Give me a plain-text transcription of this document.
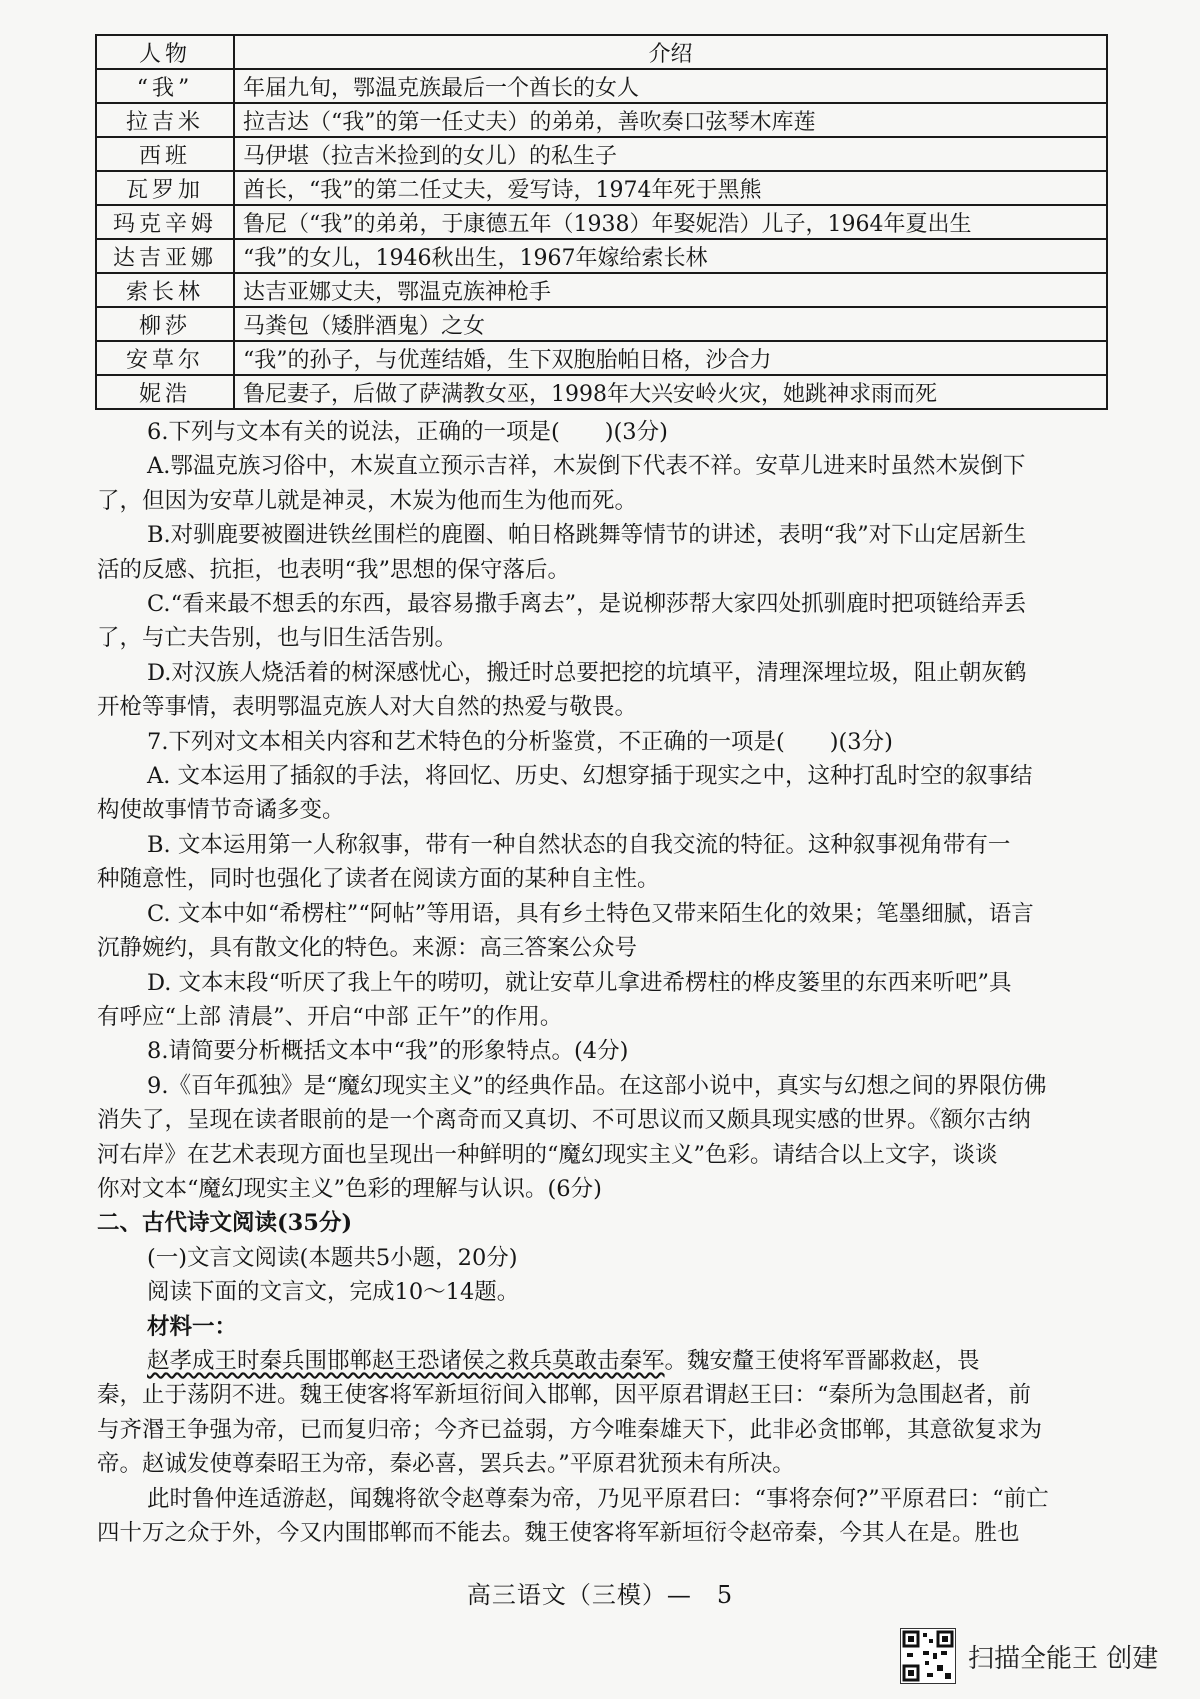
人物	介绍
“我”	年届九旬，鄂温克族最后一个酋长的女人
拉吉米	拉吉达（“我”的第一任丈夫）的弟弟，善吹奏口弦琴木库莲
西班	马伊堪（拉吉米捡到的女儿）的私生子
瓦罗加	酋长，“我”的第二任丈夫，爱写诗，1974年死于黑熊
玛克辛姆	鲁尼（“我”的弟弟，于康德五年（1938）年娶妮浩）儿子，1964年夏出生
达吉亚娜	“我”的女儿，1946秋出生，1967年嫁给索长林
索长林	达吉亚娜丈夫，鄂温克族神枪手
柳莎	马粪包（矮胖酒鬼）之女
安草尔	“我”的孙子，与优莲结婚，生下双胞胎帕日格，沙合力
妮浩	鲁尼妻子，后做了萨满教女巫，1998年大兴安岭火灾，她跳神求雨而死

6.下列与文本有关的说法，正确的一项是(　　)(3分)

A.鄂温克族习俗中，木炭直立预示吉祥，木炭倒下代表不祥。安草儿进来时虽然木炭倒下

了，但因为安草儿就是神灵，木炭为他而生为他而死。

B.对驯鹿要被圈进铁丝围栏的鹿圈、帕日格跳舞等情节的讲述，表明“我”对下山定居新生

活的反感、抗拒，也表明“我”思想的保守落后。

C.“看来最不想丢的东西，最容易撒手离去”，是说柳莎帮大家四处抓驯鹿时把项链给弄丢

了，与亡夫告别，也与旧生活告别。

D.对汉族人烧活着的树深感忧心，搬迁时总要把挖的坑填平，清理深埋垃圾，阻止朝灰鹤

开枪等事情，表明鄂温克族人对大自然的热爱与敬畏。

7.下列对文本相关内容和艺术特色的分析鉴赏，不正确的一项是(　　)(3分)

A. 文本运用了插叙的手法，将回忆、历史、幻想穿插于现实之中，这种打乱时空的叙事结

构使故事情节奇谲多变。

B. 文本运用第一人称叙事，带有一种自然状态的自我交流的特征。这种叙事视角带有一

种随意性，同时也强化了读者在阅读方面的某种自主性。

C. 文本中如“希楞柱”“阿帖”等用语，具有乡土特色又带来陌生化的效果；笔墨细腻，语言

沉静婉约，具有散文化的特色。来源：高三答案公众号

D. 文本末段“听厌了我上午的唠叨，就让安草儿拿进希楞柱的桦皮篓里的东西来听吧”具

有呼应“上部 清晨”、开启“中部 正午”的作用。

8.请简要分析概括文本中“我”的形象特点。(4分)

9.《百年孤独》是“魔幻现实主义”的经典作品。在这部小说中，真实与幻想之间的界限仿佛

消失了，呈现在读者眼前的是一个离奇而又真切、不可思议而又颇具现实感的世界。《额尔古纳

河右岸》在艺术表现方面也呈现出一种鲜明的“魔幻现实主义”色彩。请结合以上文字，谈谈

你对文本“魔幻现实主义”色彩的理解与认识。(6分)

二、古代诗文阅读(35分)

(一)文言文阅读(本题共5小题，20分)

阅读下面的文言文，完成10～14题。

材料一：

赵孝成王时秦兵围邯郸赵王恐诸侯之救兵莫敢击秦军。魏安釐王使将军晋鄙救赵，畏

秦，止于荡阴不进。魏王使客将军新垣衍间入邯郸，因平原君谓赵王曰：“秦所为急围赵者，前

与齐湣王争强为帝，已而复归帝；今齐已益弱，方今唯秦雄天下，此非必贪邯郸，其意欲复求为

帝。赵诚发使尊秦昭王为帝，秦必喜，罢兵去。”平原君犹预未有所决。

此时鲁仲连适游赵，闻魏将欲令赵尊秦为帝，乃见平原君曰：“事将奈何?”平原君曰：“前亡

四十万之众于外，今又内围邯郸而不能去。魏王使客将军新垣衍令赵帝秦，今其人在是。胜也

高三语文（三模）—　5
扫描全能王 创建
